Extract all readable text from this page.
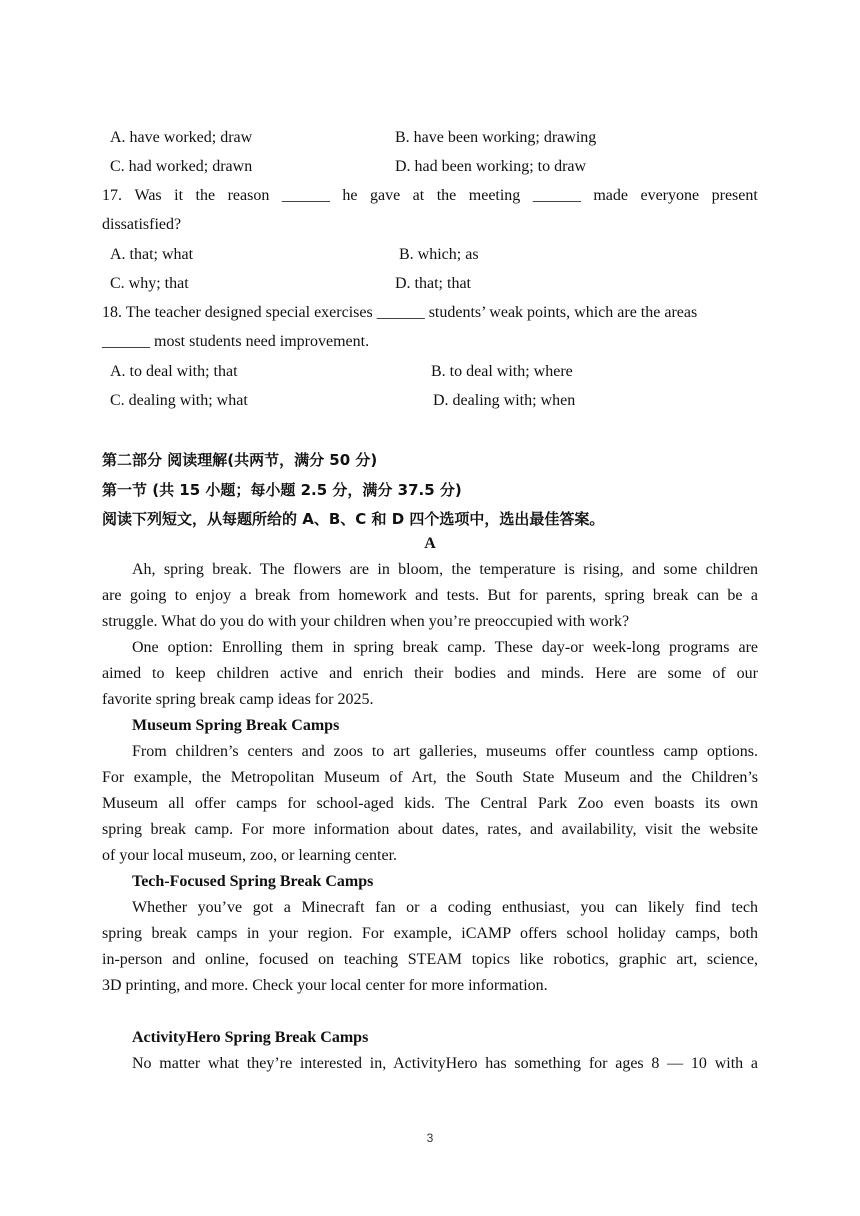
A. have worked; draw	B. have been working; drawing
C. had worked; drawn	D. had been working; to draw
17. Was it the reason ______ he gave at the meeting ______ made everyone present
dissatisfied?
A. that; what	B. which; as
C. why; that	D. that; that
18. The teacher designed special exercises ______ students’ weak points, which are the areas
______ most students need improvement.
A. to deal with; that	B. to deal with; where
C. dealing with; what	D. dealing with; when
第二部分 阅读理解(共两节，满分 50 分)
第一节 (共 15 小题；每小题 2.5 分，满分 37.5 分)
阅读下列短文，从每题所给的 A、B、C 和 D 四个选项中，选出最佳答案。
A
Ah, spring break. The flowers are in bloom, the temperature is rising, and some children
are going to enjoy a break from homework and tests. But for parents, spring break can be a
struggle. What do you do with your children when you’re preoccupied with work?
One option: Enrolling them in spring break camp. These day-or week-long programs are
aimed to keep children active and enrich their bodies and minds. Here are some of our
favorite spring break camp ideas for 2025.
Museum Spring Break Camps
From children’s centers and zoos to art galleries, museums offer countless camp options.
For example, the Metropolitan Museum of Art, the South State Museum and the Children’s
Museum all offer camps for school-aged kids. The Central Park Zoo even boasts its own
spring break camp. For more information about dates, rates, and availability, visit the website
of your local museum, zoo, or learning center.
Tech-Focused Spring Break Camps
Whether you’ve got a Minecraft fan or a coding enthusiast, you can likely find tech
spring break camps in your region. For example, iCAMP offers school holiday camps, both
in-person and online, focused on teaching STEAM topics like robotics, graphic art, science,
3D printing, and more. Check your local center for more information.
ActivityHero Spring Break Camps
No matter what they’re interested in, ActivityHero has something for ages 8 — 10 with a
3
